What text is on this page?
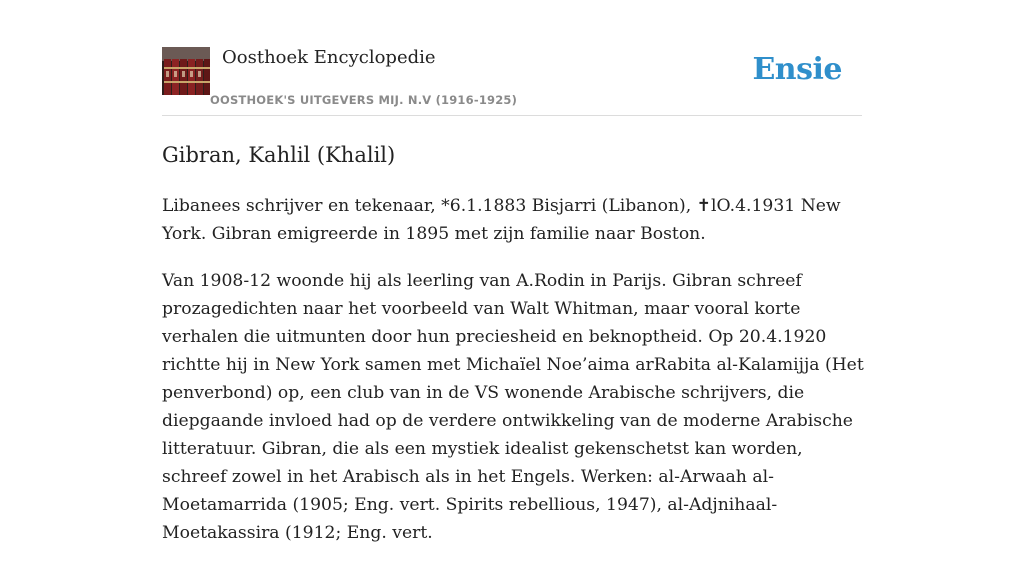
Oosthoek Encyclopedie
OOSTHOEK'S UITGEVERS MIJ. N.V (1916-1925)
Ensie
Gibran, Kahlil (Khalil)

Libanees schrijver en tekenaar, *6.1.1883 Bisjarri (Libanon), ✝lO.4.1931 New York. Gibran emigreerde in 1895 met zijn familie naar Boston.

Van 1908-12 woonde hij als leerling van A.Rodin in Parijs. Gibran schreef prozagedichten naar het voorbeeld van Walt Whitman, maar vooral korte verhalen die uitmunten door hun preciesheid en beknoptheid. Op 20.4.1920 richtte hij in New York samen met Michaïel Noe’aima arRabita al-Kalamijja (Het penverbond) op, een club van in de VS wonende Arabische schrijvers, die diepgaande invloed had op de verdere ontwikkeling van de moderne Arabische litteratuur. Gibran, die als een mystiek idealist gekenschetst kan worden, schreef zowel in het Arabisch als in het Engels. Werken: al-Arwaah al-Moetamarrida (1905; Eng. vert. Spirits rebellious, 1947), al-Adjnihaal-Moetakassira (1912; Eng. vert.
